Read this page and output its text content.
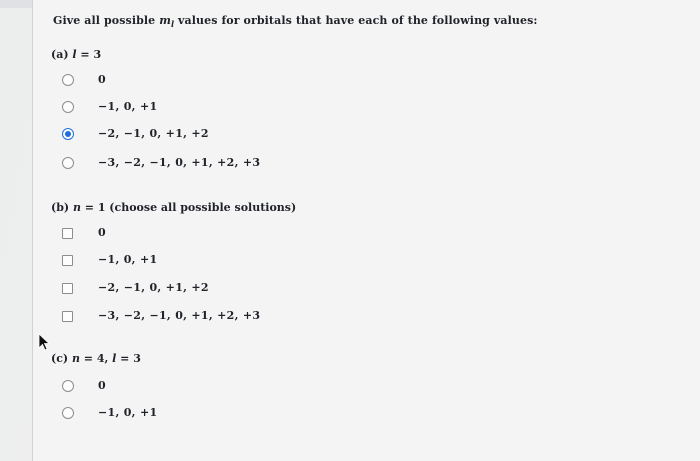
Give all possible $m_l$ values for orbitals that have each of the following values:
(a) l = 3
0
−1, 0, +1
−2, −1, 0, +1, +2
−3, −2, −1, 0, +1, +2, +3
(b) n = 1 (choose all possible solutions)
0
−1, 0, +1
−2, −1, 0, +1, +2
−3, −2, −1, 0, +1, +2, +3
(c) n = 4, l = 3
0
−1, 0, +1
